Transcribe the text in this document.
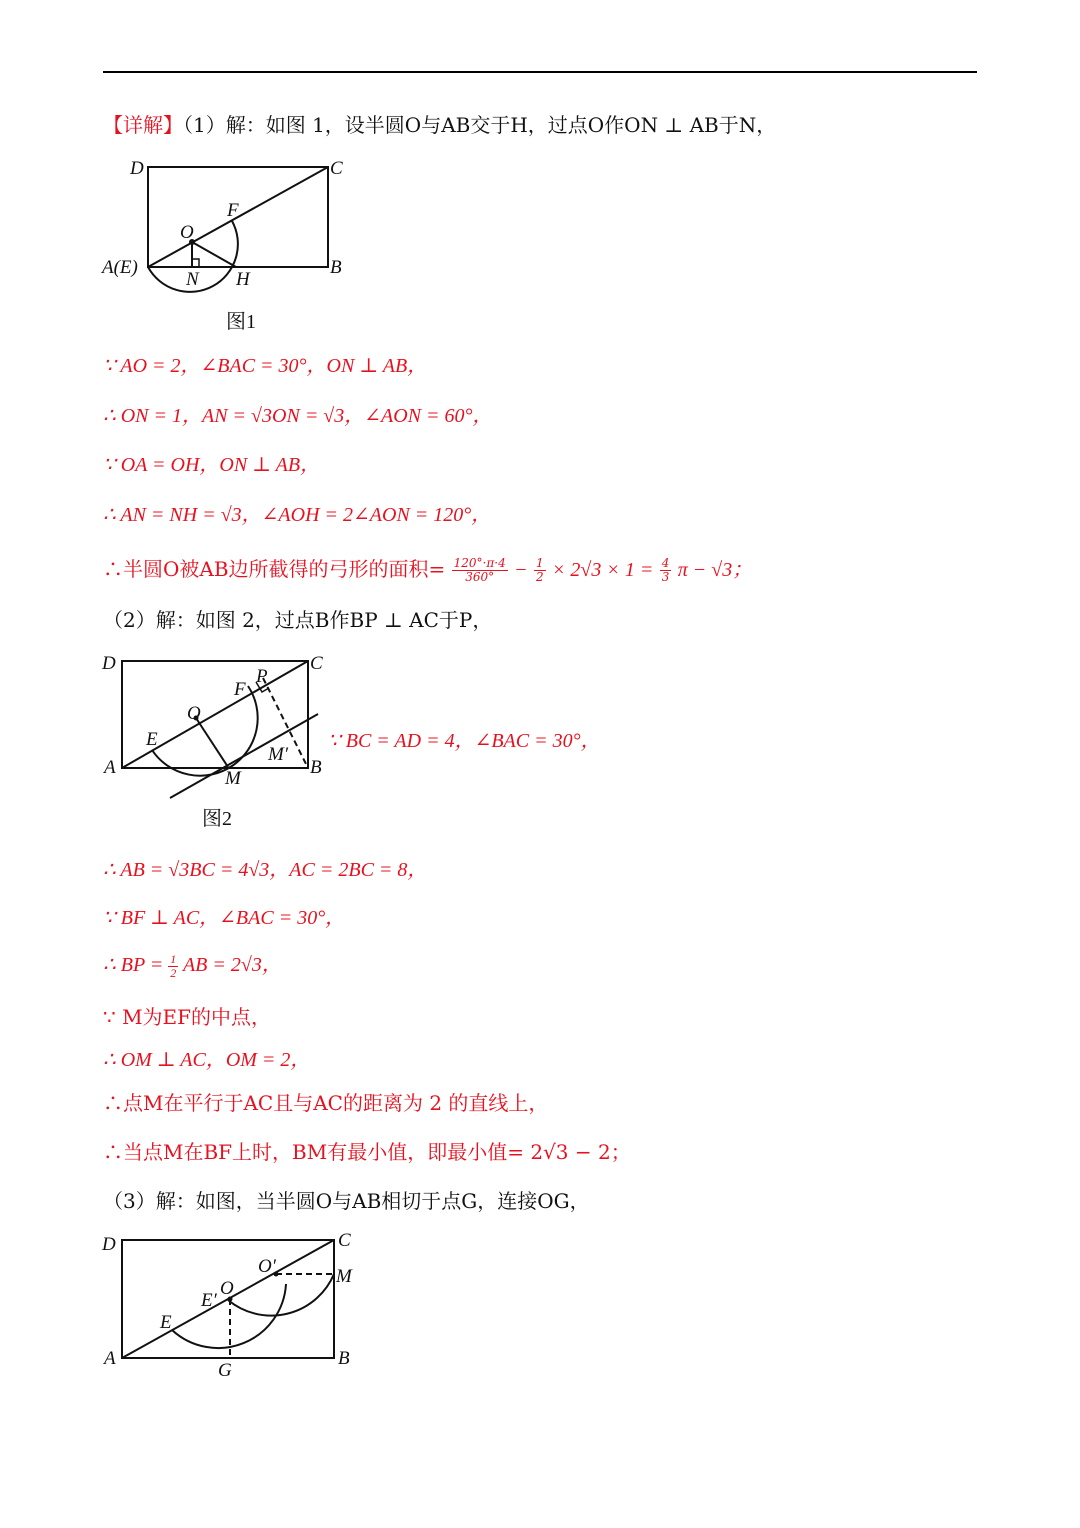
【详解】（1）解：如图 1，设半圆O与AB交于H，过点O作ON ⊥ AB于N，
D	C
F
O
A(E)
N H
B
图1
∵ AO = 2，∠BAC = 30°，ON ⊥ AB，
∴ ON = 1，AN = √3ON = √3，∠AON = 60°，
∵ OA = OH，ON ⊥ AB，
∴ AN = NH = √3，∠AOH = 2∠AON = 120°，
∴半圆O被AB边所截得的弓形的面积= $\frac{120^\circ\cdot\pi\cdot 4}{360^\circ} - \frac{1}{2} \times 2√3 \times 1 = \frac{4}{3}$ π − √3；
（2）解：如图 2，过点B作BP ⊥ AC于P，
D	C
P
F
O
E
A
M
M′
B
∵ BC = AD = 4，∠BAC = 30°，
图2
∴ AB = √3BC = 4√3，AC = 2BC = 8，
∵ BF ⊥ AC，∠BAC = 30°，
∴ BP = $\frac{1}{2}$ AB = 2√3，
∵ M为EF的中点，
∴ OM ⊥ AC，OM = 2，
∴点M在平行于AC且与AC的距离为 2 的直线上，
∴当点M在BF上时，BM有最小值，即最小值= 2√3 − 2；
（3）解：如图，当半圆O与AB相切于点G，连接OG，
D	C
O′	M
O
E′
E
A
G
B
